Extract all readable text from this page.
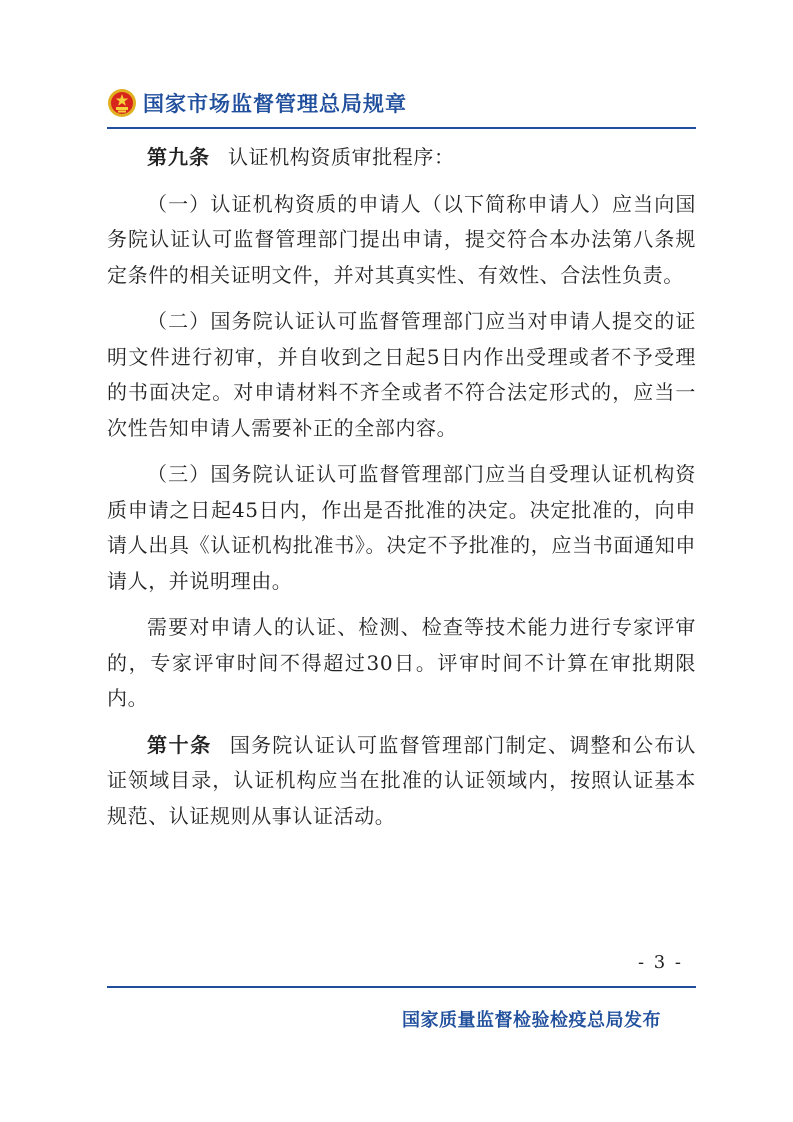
国家市场监督管理总局规章

第九条 认证机构资质审批程序：

（一）认证机构资质的申请人（以下简称申请人）应当向国务院认证认可监督管理部门提出申请，提交符合本办法第八条规定条件的相关证明文件，并对其真实性、有效性、合法性负责。

（二）国务院认证认可监督管理部门应当对申请人提交的证明文件进行初审，并自收到之日起5日内作出受理或者不予受理的书面决定。对申请材料不齐全或者不符合法定形式的，应当一次性告知申请人需要补正的全部内容。

（三）国务院认证认可监督管理部门应当自受理认证机构资质申请之日起45日内，作出是否批准的决定。决定批准的，向申请人出具《认证机构批准书》。决定不予批准的，应当书面通知申请人，并说明理由。

需要对申请人的认证、检测、检查等技术能力进行专家评审的，专家评审时间不得超过30日。评审时间不计算在审批期限内。

第十条 国务院认证认可监督管理部门制定、调整和公布认证领域目录，认证机构应当在批准的认证领域内，按照认证基本规范、认证规则从事认证活动。

- 3 -
国家质量监督检验检疫总局发布
